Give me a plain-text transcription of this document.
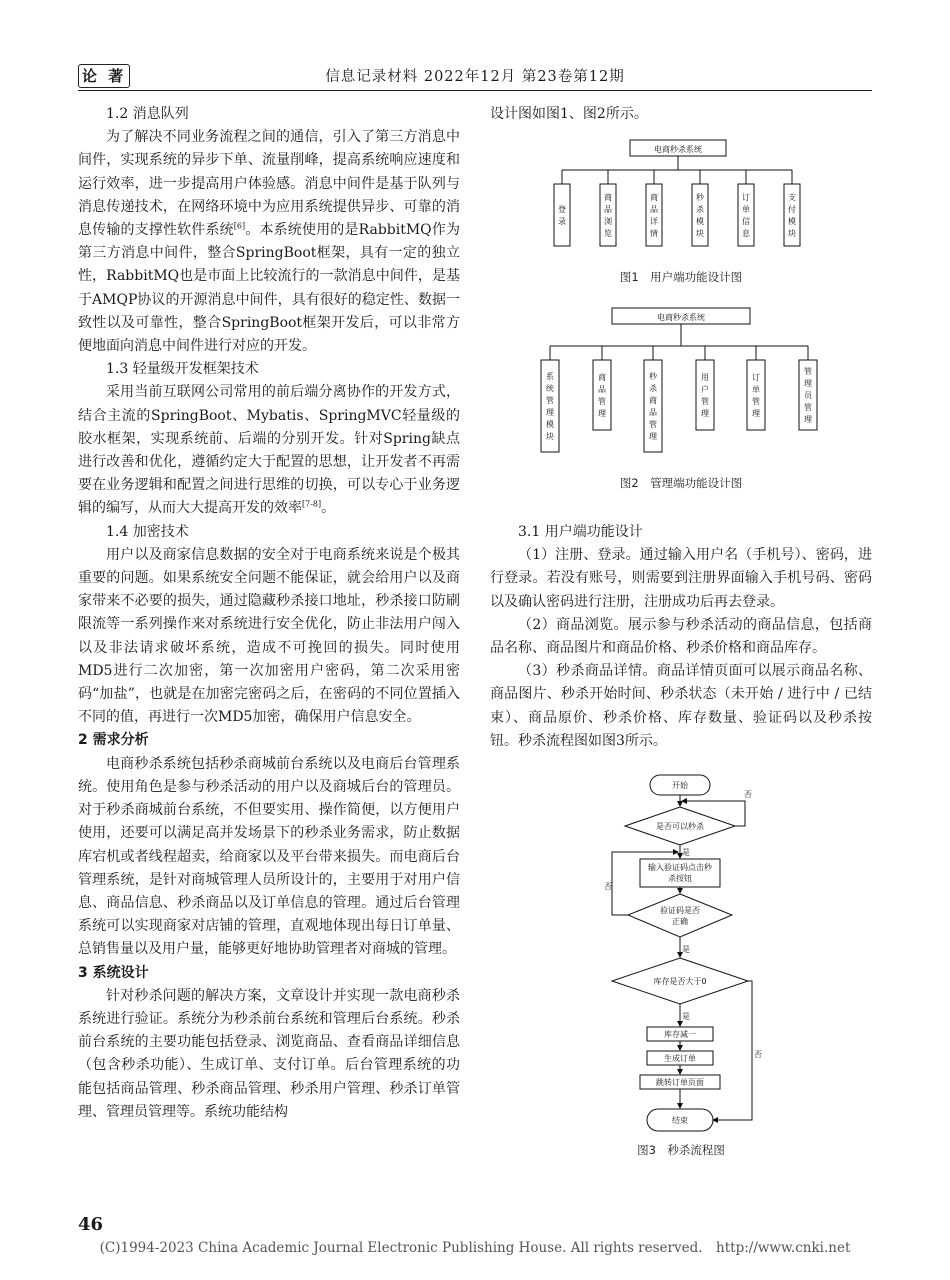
论 著	信息记录材料 2022年12月 第23卷第12期
1.2 消息队列

为了解决不同业务流程之间的通信，引入了第三方消息中间件，实现系统的异步下单、流量削峰，提高系统响应速度和运行效率，进一步提高用户体验感。消息中间件是基于队列与消息传递技术，在网络环境中为应用系统提供异步、可靠的消息传输的支撑性软件系统[6]。本系统使用的是RabbitMQ作为第三方消息中间件，整合SpringBoot框架，具有一定的独立性，RabbitMQ也是市面上比较流行的一款消息中间件，是基于AMQP协议的开源消息中间件，具有很好的稳定性、数据一致性以及可靠性，整合SpringBoot框架开发后，可以非常方便地面向消息中间件进行对应的开发。

1.3 轻量级开发框架技术

采用当前互联网公司常用的前后端分离协作的开发方式，结合主流的SpringBoot、Mybatis、SpringMVC轻量级的胶水框架，实现系统前、后端的分别开发。针对Spring缺点进行改善和优化，遵循约定大于配置的思想，让开发者不再需要在业务逻辑和配置之间进行思维的切换，可以专心于业务逻辑的编写，从而大大提高开发的效率[7-8]。

1.4 加密技术

用户以及商家信息数据的安全对于电商系统来说是个极其重要的问题。如果系统安全问题不能保证，就会给用户以及商家带来不必要的损失，通过隐藏秒杀接口地址，秒杀接口防刷限流等一系列操作来对系统进行安全优化，防止非法用户闯入以及非法请求破坏系统，造成不可挽回的损失。同时使用MD5进行二次加密，第一次加密用户密码，第二次采用密码“加盐”，也就是在加密完密码之后，在密码的不同位置插入不同的值，再进行一次MD5加密，确保用户信息安全。

2 需求分析

电商秒杀系统包括秒杀商城前台系统以及电商后台管理系统。使用角色是参与秒杀活动的用户以及商城后台的管理员。对于秒杀商城前台系统，不但要实用、操作简便，以方便用户使用，还要可以满足高并发场景下的秒杀业务需求，防止数据库宕机或者线程超卖，给商家以及平台带来损失。而电商后台管理系统，是针对商城管理人员所设计的，主要用于对用户信息、商品信息、秒杀商品以及订单信息的管理。通过后台管理系统可以实现商家对店铺的管理，直观地体现出每日订单量、总销售量以及用户量，能够更好地协助管理者对商城的管理。

3 系统设计

针对秒杀问题的解决方案，文章设计并实现一款电商秒杀系统进行验证。系统分为秒杀前台系统和管理后台系统。秒杀前台系统的主要功能包括登录、浏览商品、查看商品详细信息（包含秒杀功能）、生成订单、支付订单。后台管理系统的功能包括商品管理、秒杀商品管理、秒杀用户管理、秒杀订单管理、管理员管理等。系统功能结构

设计图如图1、图2所示。

电商秒杀系统
登录
商品浏览
商品详情
秒杀模块
订单信息
支付模块
图1　用户端功能设计图
电商秒杀系统
系统管理模块
商品管理
秒杀商品管理
用户管理
订单管理
管理员管理
图2　管理端功能设计图
3.1 用户端功能设计

（1）注册、登录。通过输入用户名（手机号）、密码，进行登录。若没有账号，则需要到注册界面输入手机号码、密码以及确认密码进行注册，注册成功后再去登录。

（2）商品浏览。展示参与秒杀活动的商品信息，包括商品名称、商品图片和商品价格、秒杀价格和商品库存。

（3）秒杀商品详情。商品详情页面可以展示商品名称、商品图片、秒杀开始时间、秒杀状态（未开始 / 进行中 / 已结束）、商品原价、秒杀价格、库存数量、验证码以及秒杀按钮。秒杀流程图如图3所示。

开始
是否可以秒杀
输入验证码点击秒
杀按钮
验证码是否
正确
库存是否大于0
库存减一
生成订单
跳转订单页面
结束
是
是
是
否
否
否
图3　秒杀流程图
46
(C)1994-2023 China Academic Journal Electronic Publishing House. All rights reserved.　http://www.cnki.net
